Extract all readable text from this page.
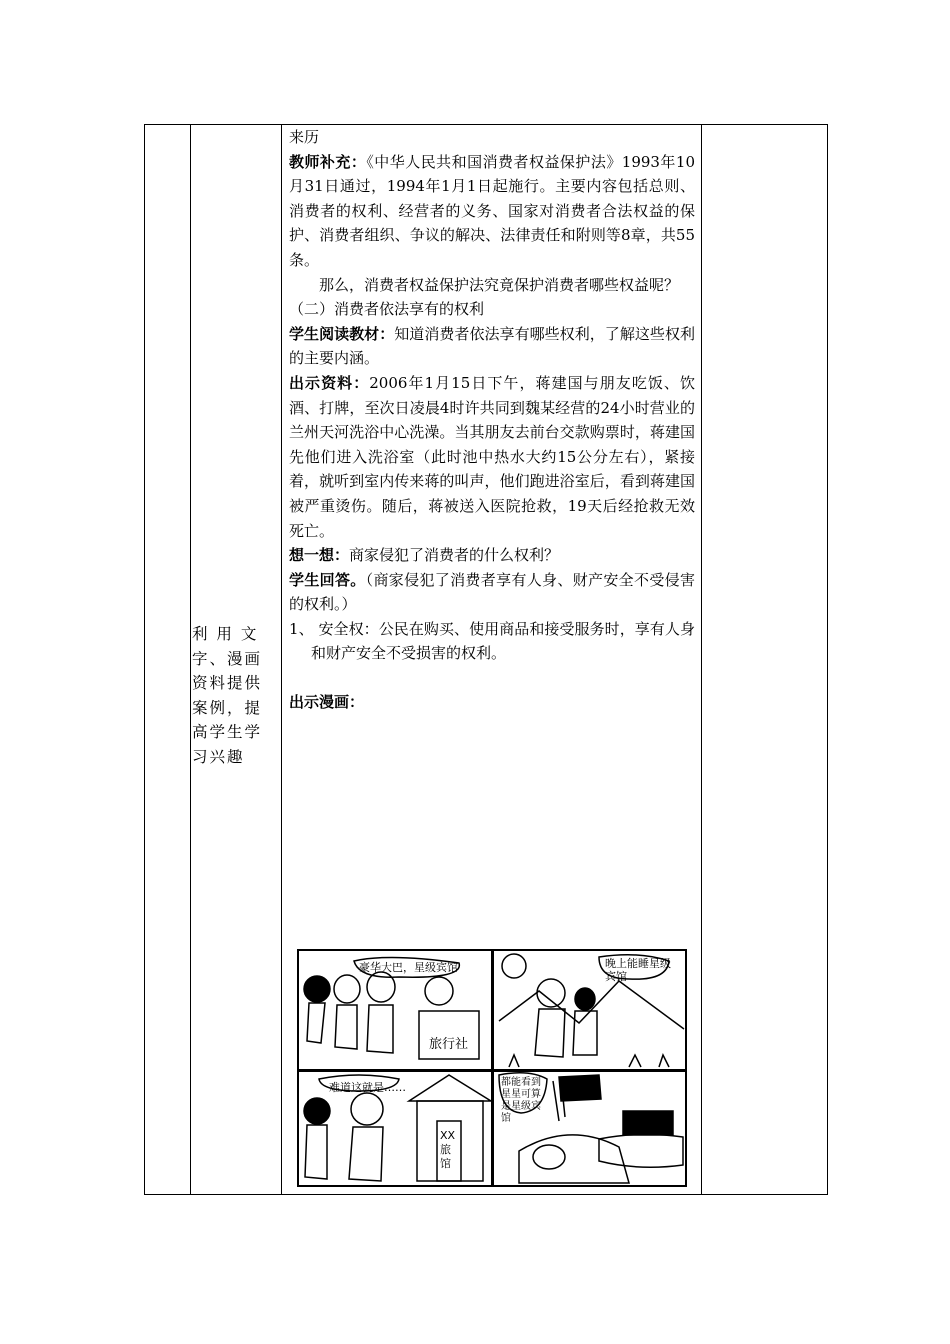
利 用 文
字、漫画
资料提供
案例，提
高学生学
习兴趣

来历

教师补充：《中华人民共和国消费者权益保护法》1993年10月31日通过，1994年1月1日起施行。主要内容包括总则、消费者的权利、经营者的义务、国家对消费者合法权益的保护、消费者组织、争议的解决、法律责任和附则等8章，共55条。

那么，消费者权益保护法究竟保护消费者哪些权益呢？

（二）消费者依法享有的权利

学生阅读教材：知道消费者依法享有哪些权利，了解这些权利的主要内涵。

出示资料：2006年1月15日下午，蒋建国与朋友吃饭、饮酒、打牌，至次日凌晨4时许共同到魏某经营的24小时营业的兰州天河洗浴中心洗澡。当其朋友去前台交款购票时，蒋建国先他们进入洗浴室（此时池中热水大约15公分左右），紧接着，就听到室内传来蒋的叫声，他们跑进浴室后，看到蒋建国被严重烫伤。随后，蒋被送入医院抢救，19天后经抢救无效死亡。

想一想：商家侵犯了消费者的什么权利？

学生回答。（商家侵犯了消费者享有人身、财产安全不受侵害的权利。）

1、 安全权：公民在购买、使用商品和接受服务时，享有人身和财产安全不受损害的权利。

出示漫画：

豪华大巴，星级宾馆
旅行社
晚上能睡星级宾馆
难道这就是……
XX旅馆
都能看到星星可算是星级宾馆
